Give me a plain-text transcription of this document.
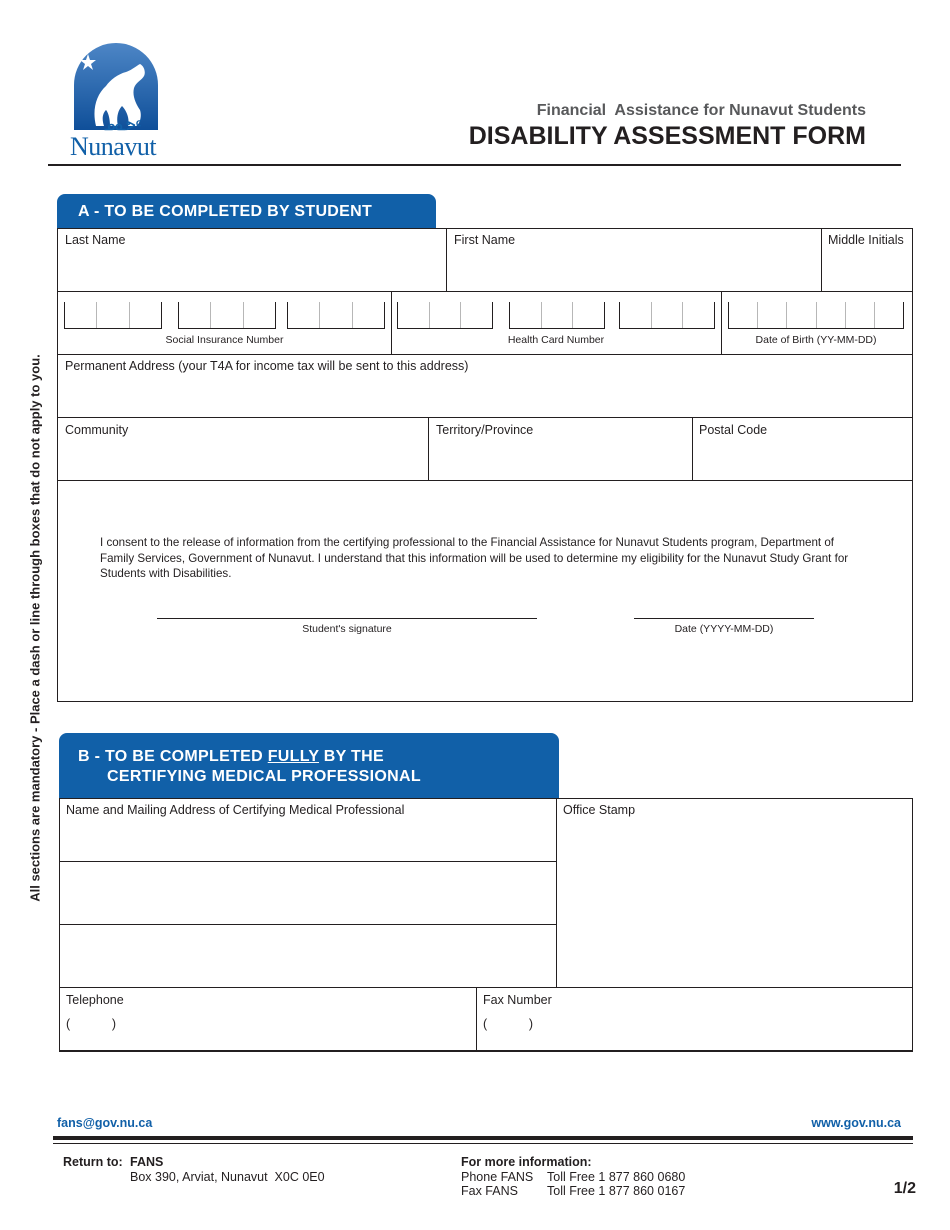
ᓄᓇᕗᑦ
Nunavut
Financial  Assistance for Nunavut Students
DISABILITY ASSESSMENT FORM
All sections are mandatory - Place a dash or line through boxes that do not apply to you.
A - TO BE COMPLETED BY STUDENT
Last Name	First Name	Middle Initials
Social Insurance Number	Health Card Number	Date of Birth (YY-MM-DD)
Permanent Address (your T4A for income tax will be sent to this address)
Community	Territory/Province	Postal Code
I consent to the release of information from the certifying professional to the Financial Assistance for Nunavut Students program, Department of Family Services, Government of Nunavut. I understand that this information will be used to determine my eligibility for the Nunavut Study Grant for Students with Disabilities.
Student's signature	Date (YYYY-MM-DD)
B - TO BE COMPLETED FULLY BY THE
CERTIFYING MEDICAL PROFESSIONAL
Name and Mailing Address of Certifying Medical Professional	Office Stamp
Telephone
(            )
Fax Number
(            )
fans@gov.nu.ca	www.gov.nu.ca
Return to: FANS
Box 390, Arviat, Nunavut  X0C 0E0
For more information:
Phone FANS Toll Free 1 877 860 0680
Fax FANS Toll Free 1 877 860 0167	1/2
